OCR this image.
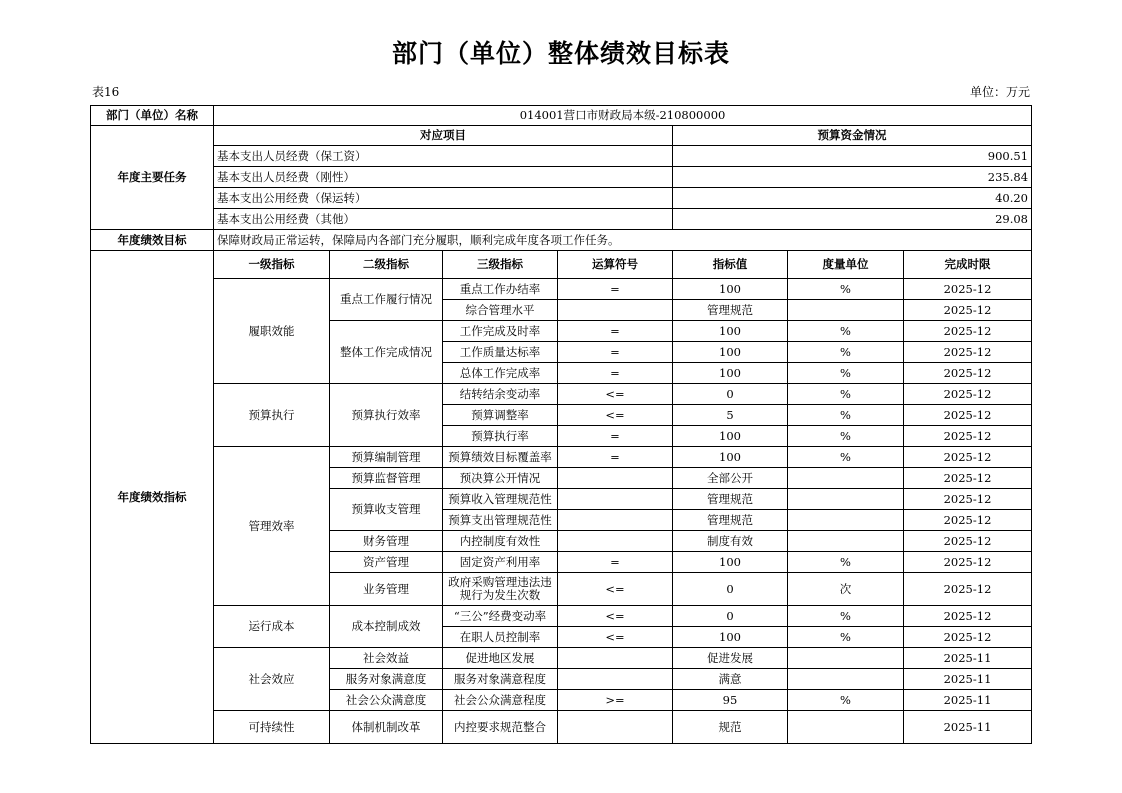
部门（单位）整体绩效目标表
表16	单位：万元
部门（单位）名称	014001营口市财政局本级-210800000						
年度主要任务	对应项目				预算资金情况		
	基本支出人员经费（保工资）				900.51		
	基本支出人员经费（刚性）				235.84		
	基本支出公用经费（保运转）				40.20		
	基本支出公用经费（其他）				29.08		
年度绩效目标	保障财政局正常运转，保障局内各部门充分履职，顺利完成年度各项工作任务。						
年度绩效指标	一级指标	二级指标	三级指标	运算符号	指标值	度量单位	完成时限
	履职效能	重点工作履行情况	重点工作办结率	=	100	%	2025-12
			综合管理水平		管理规范		2025-12
		整体工作完成情况	工作完成及时率	=	100	%	2025-12
			工作质量达标率	=	100	%	2025-12
			总体工作完成率	=	100	%	2025-12
	预算执行	预算执行效率	结转结余变动率	<=	0	%	2025-12
			预算调整率	<=	5	%	2025-12
			预算执行率	=	100	%	2025-12
	管理效率	预算编制管理	预算绩效目标覆盖率	=	100	%	2025-12
		预算监督管理	预决算公开情况		全部公开		2025-12
		预算收支管理	预算收入管理规范性		管理规范		2025-12
			预算支出管理规范性		管理规范		2025-12
		财务管理	内控制度有效性		制度有效		2025-12
		资产管理	固定资产利用率	=	100	%	2025-12
		业务管理	政府采购管理违法违规行为发生次数	<=	0	次	2025-12
	运行成本	成本控制成效	“三公”经费变动率	<=	0	%	2025-12
			在职人员控制率	<=	100	%	2025-12
	社会效应	社会效益	促进地区发展		促进发展		2025-11
		服务对象满意度	服务对象满意程度		满意		2025-11
		社会公众满意度	社会公众满意程度	>=	95	%	2025-11
	可持续性	体制机制改革	内控要求规范整合		规范		2025-11
